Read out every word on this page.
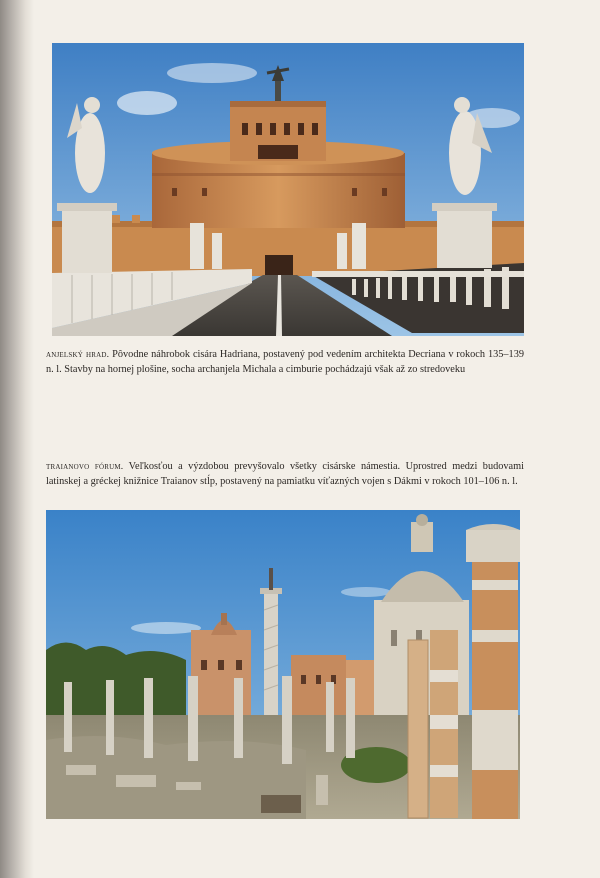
anjelský hrad. Pôvodne náhrobok cisára Hadriana, postavený pod vedením architekta Decriana v rokoch 135–139 n. l. Stavby na hornej plošine, socha archanjela Michala a cimburie pochádzajú však až zo stredoveku
traianovo fórum. Veľkosťou a výzdobou prevyšovalo všetky cisárske námestia. Uprostred medzi budovami latinskej a gréckej knižnice Traianov stĺp, postavený na pamiatku víťazných vojen s Dákmi v rokoch 101–106 n. l.
